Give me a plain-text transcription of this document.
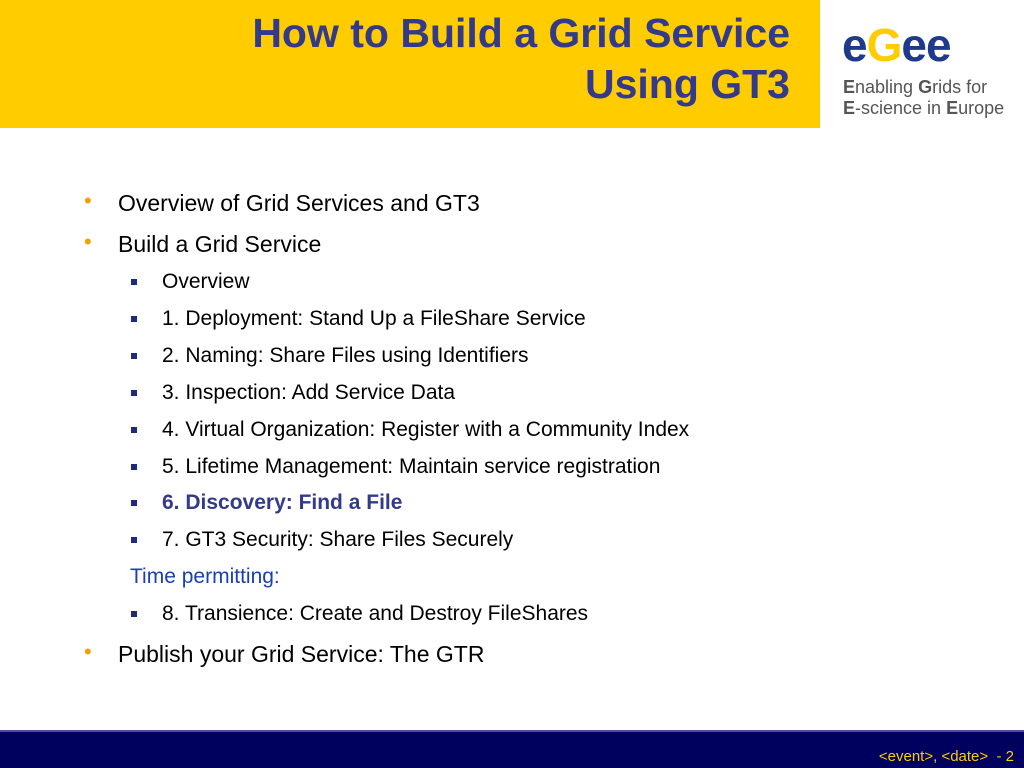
How to Build a Grid Service
Using GT3
eGee
Enabling Grids for
E-science in Europe
• Overview of Grid Services and GT3
• Build a Grid Service
Overview
1. Deployment: Stand Up a FileShare Service
2. Naming: Share Files using Identifiers
3. Inspection: Add Service Data
4. Virtual Organization: Register with a Community Index
5. Lifetime Management: Maintain service registration
6. Discovery: Find a File
7. GT3 Security: Share Files Securely
Time permitting:
8. Transience: Create and Destroy FileShares
• Publish your Grid Service: The GTR
<event>, <date>  - 2
